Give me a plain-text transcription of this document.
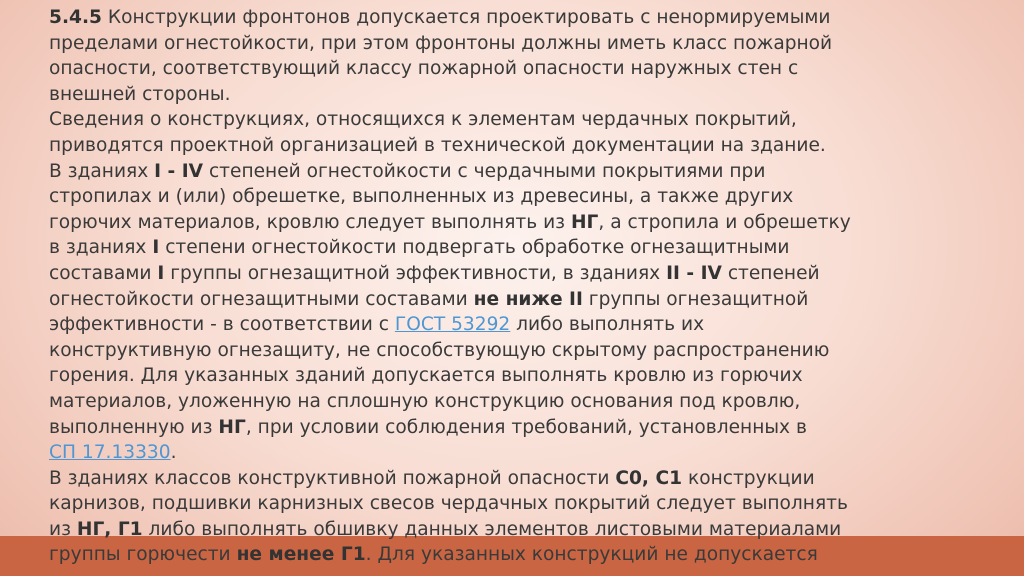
5.4.5 Конструкции фронтонов допускается проектировать с ненормируемыми
пределами огнестойкости, при этом фронтоны должны иметь класс пожарной
опасности, соответствующий классу пожарной опасности наружных стен с
внешней стороны.
Сведения о конструкциях, относящихся к элементам чердачных покрытий,
приводятся проектной организацией в технической документации на здание.
В зданиях I - IV степеней огнестойкости с чердачными покрытиями при
стропилах и (или) обрешетке, выполненных из древесины, а также других
горючих материалов, кровлю следует выполнять из НГ, а стропила и обрешетку
в зданиях I степени огнестойкости подвергать обработке огнезащитными
составами I группы огнезащитной эффективности, в зданиях II - IV степеней
огнестойкости огнезащитными составами не ниже II группы огнезащитной
эффективности - в соответствии с ГОСТ 53292 либо выполнять их
конструктивную огнезащиту, не способствующую скрытому распространению
горения. Для указанных зданий допускается выполнять кровлю из горючих
материалов, уложенную на сплошную конструкцию основания под кровлю,
выполненную из НГ, при условии соблюдения требований, установленных в
СП 17.13330.
В зданиях классов конструктивной пожарной опасности С0, С1 конструкции
карнизов, подшивки карнизных свесов чердачных покрытий следует выполнять
из НГ, Г1 либо выполнять обшивку данных элементов листовыми материалами
группы горючести не менее Г1. Для указанных конструкций не допускается
